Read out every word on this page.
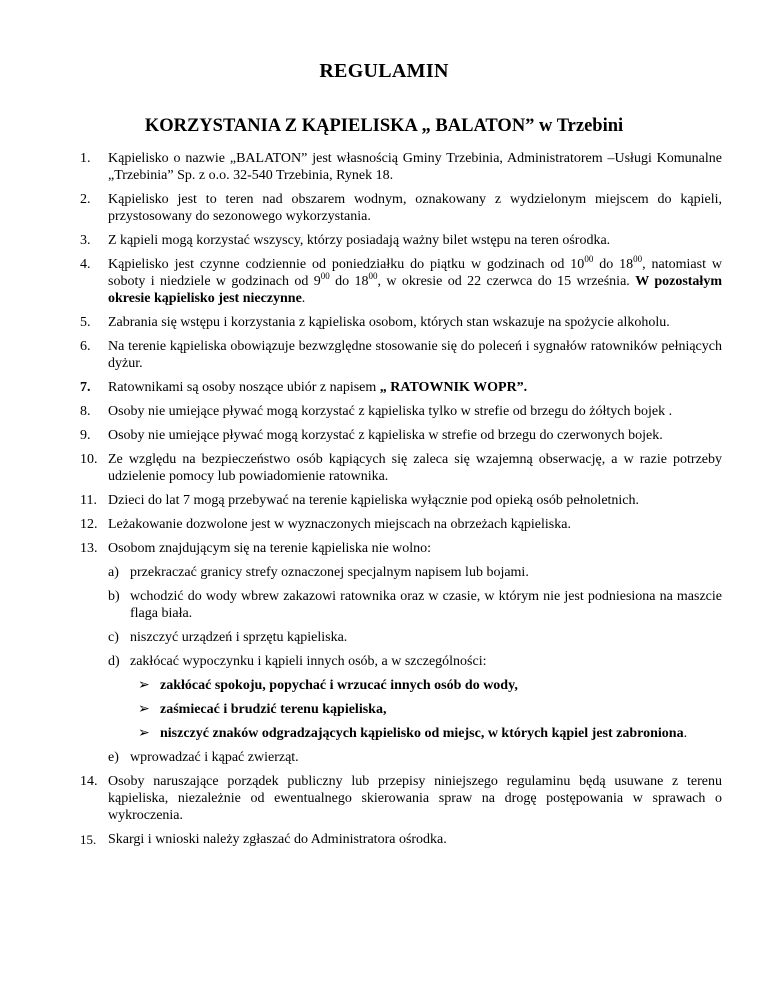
REGULAMIN
KORZYSTANIA Z KĄPIELISKA „ BALATON” w Trzebini
1. Kąpielisko o nazwie „BALATON” jest własnością Gminy Trzebinia, Administratorem –Usługi Komunalne „Trzebinia” Sp. z o.o. 32-540 Trzebinia, Rynek 18.
2. Kąpielisko jest to teren nad obszarem wodnym, oznakowany z wydzielonym miejscem do kąpieli, przystosowany do sezonowego wykorzystania.
3. Z kąpieli mogą korzystać wszyscy, którzy posiadają ważny bilet wstępu na teren ośrodka.
4. Kąpielisko jest czynne codziennie od poniedziałku do piątku w godzinach od $10^{00}$ do $18^{00}$, natomiast w soboty i niedziele w godzinach od $9^{00}$ do $18^{00}$, w okresie od 22 czerwca do 15 września. W pozostałym okresie kąpielisko jest nieczynne.
5. Zabrania się wstępu i korzystania z kąpieliska osobom, których stan wskazuje na spożycie alkoholu.
6. Na terenie kąpieliska obowiązuje bezwzględne stosowanie się do poleceń i sygnałów ratowników pełniących dyżur.
7. Ratownikami są osoby noszące ubiór z napisem „ RATOWNIK WOPR”.
8. Osoby nie umiejące pływać mogą korzystać z kąpieliska tylko w strefie od brzegu do żółtych bojek .
9. Osoby nie umiejące pływać mogą korzystać z kąpieliska w strefie od brzegu do czerwonych bojek.
10. Ze względu na bezpieczeństwo osób kąpiących się zaleca się wzajemną obserwację, a w razie potrzeby udzielenie pomocy lub powiadomienie ratownika.
11. Dzieci do lat 7 mogą przebywać na terenie kąpieliska wyłącznie pod opieką osób pełnoletnich.
12. Leżakowanie dozwolone jest w wyznaczonych miejscach na obrzeżach kąpieliska.
13. Osobom znajdującym się na terenie kąpieliska nie wolno:
a) przekraczać granicy strefy oznaczonej specjalnym napisem lub bojami.
b) wchodzić do wody wbrew zakazowi ratownika oraz w czasie, w którym nie jest podniesiona na maszcie flaga biała.
c) niszczyć urządzeń i sprzętu kąpieliska.
d) zakłócać wypoczynku i kąpieli innych osób, a w szczególności:
➢ zakłócać spokoju, popychać i wrzucać innych osób do wody,
➢ zaśmiecać i brudzić terenu kąpieliska,
➢ niszczyć znaków odgradzających kąpielisko od miejsc, w których kąpiel jest zabroniona.
e) wprowadzać i kąpać zwierząt.
14. Osoby naruszające porządek publiczny lub przepisy niniejszego regulaminu będą usuwane z terenu kąpieliska, niezależnie od ewentualnego skierowania spraw na drogę postępowania w sprawach o wykroczenia.
15. Skargi i wnioski należy zgłaszać do Administratora ośrodka.
